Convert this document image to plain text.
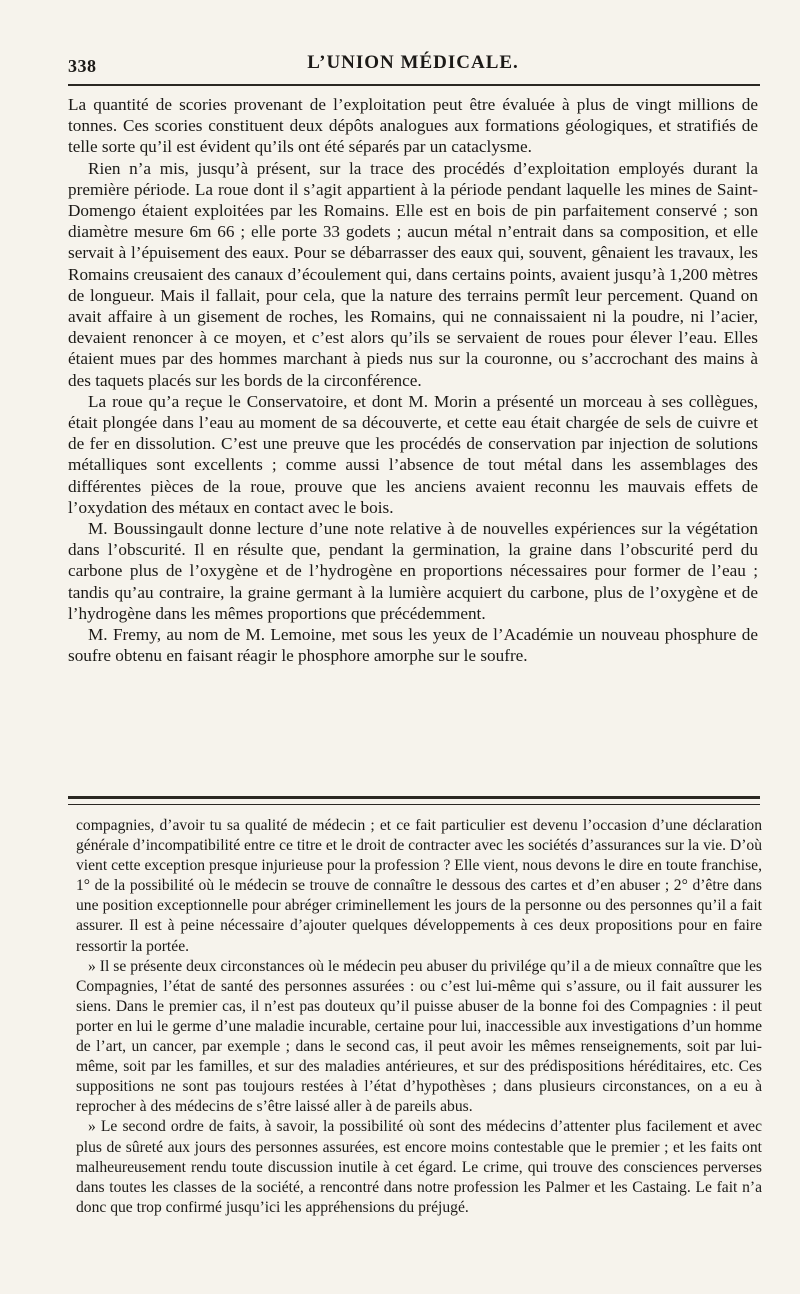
338	L’UNION MÉDICALE.

La quantité de scories provenant de l’exploitation peut être évaluée à plus de vingt millions de tonnes. Ces scories constituent deux dépôts analogues aux formations géologiques, et stratifiés de telle sorte qu’il est évident qu’ils ont été séparés par un cataclysme.

Rien n’a mis, jusqu’à présent, sur la trace des procédés d’exploitation employés durant la première période. La roue dont il s’agit appartient à la période pendant laquelle les mines de Saint-Domengo étaient exploitées par les Romains. Elle est en bois de pin parfaitement conservé ; son diamètre mesure 6m 66 ; elle porte 33 godets ; aucun métal n’entrait dans sa composition, et elle servait à l’épuisement des eaux. Pour se débarrasser des eaux qui, souvent, gênaient les travaux, les Romains creusaient des canaux d’écoulement qui, dans certains points, avaient jusqu’à 1,200 mètres de longueur. Mais il fallait, pour cela, que la nature des terrains permît leur percement. Quand on avait affaire à un gisement de roches, les Romains, qui ne connaissaient ni la poudre, ni l’acier, devaient renoncer à ce moyen, et c’est alors qu’ils se servaient de roues pour élever l’eau. Elles étaient mues par des hommes marchant à pieds nus sur la couronne, ou s’accrochant des mains à des taquets placés sur les bords de la circonférence.

La roue qu’a reçue le Conservatoire, et dont M. Morin a présenté un morceau à ses collègues, était plongée dans l’eau au moment de sa découverte, et cette eau était chargée de sels de cuivre et de fer en dissolution. C’est une preuve que les procédés de conservation par injection de solutions métalliques sont excellents ; comme aussi l’absence de tout métal dans les assemblages des différentes pièces de la roue, prouve que les anciens avaient reconnu les mauvais effets de l’oxydation des métaux en contact avec le bois.

M. Boussingault donne lecture d’une note relative à de nouvelles expériences sur la végétation dans l’obscurité. Il en résulte que, pendant la germination, la graine dans l’obscurité perd du carbone plus de l’oxygène et de l’hydrogène en proportions nécessaires pour former de l’eau ; tandis qu’au contraire, la graine germant à la lumière acquiert du carbone, plus de l’oxygène et de l’hydrogène dans les mêmes proportions que précédemment.

M. Fremy, au nom de M. Lemoine, met sous les yeux de l’Académie un nouveau phosphure de soufre obtenu en faisant réagir le phosphore amorphe sur le soufre.

compagnies, d’avoir tu sa qualité de médecin ; et ce fait particulier est devenu l’occasion d’une déclaration générale d’incompatibilité entre ce titre et le droit de contracter avec les sociétés d’assurances sur la vie. D’où vient cette exception presque injurieuse pour la profession ? Elle vient, nous devons le dire en toute franchise, 1° de la possibilité où le médecin se trouve de connaître le dessous des cartes et d’en abuser ; 2° d’être dans une position exceptionnelle pour abréger criminellement les jours de la personne ou des personnes qu’il a fait assurer. Il est à peine nécessaire d’ajouter quelques développements à ces deux propositions pour en faire ressortir la portée.

» Il se présente deux circonstances où le médecin peu abuser du privilége qu’il a de mieux connaître que les Compagnies, l’état de santé des personnes assurées : ou c’est lui-même qui s’assure, ou il fait aussurer les siens. Dans le premier cas, il n’est pas douteux qu’il puisse abuser de la bonne foi des Compagnies : il peut porter en lui le germe d’une maladie incurable, certaine pour lui, inaccessible aux investigations d’un homme de l’art, un cancer, par exemple ; dans le second cas, il peut avoir les mêmes renseignements, soit par lui-même, soit par les familles, et sur des maladies antérieures, et sur des prédispositions héréditaires, etc. Ces suppositions ne sont pas toujours restées à l’état d’hypothèses ; dans plusieurs circonstances, on a eu à reprocher à des médecins de s’être laissé aller à de pareils abus.

» Le second ordre de faits, à savoir, la possibilité où sont des médecins d’attenter plus facilement et avec plus de sûreté aux jours des personnes assurées, est encore moins contestable que le premier ; et les faits ont malheureusement rendu toute discussion inutile à cet égard. Le crime, qui trouve des consciences perverses dans toutes les classes de la société, a rencontré dans notre profession les Palmer et les Castaing. Le fait n’a donc que trop confirmé jusqu’ici les appréhensions du préjugé.
